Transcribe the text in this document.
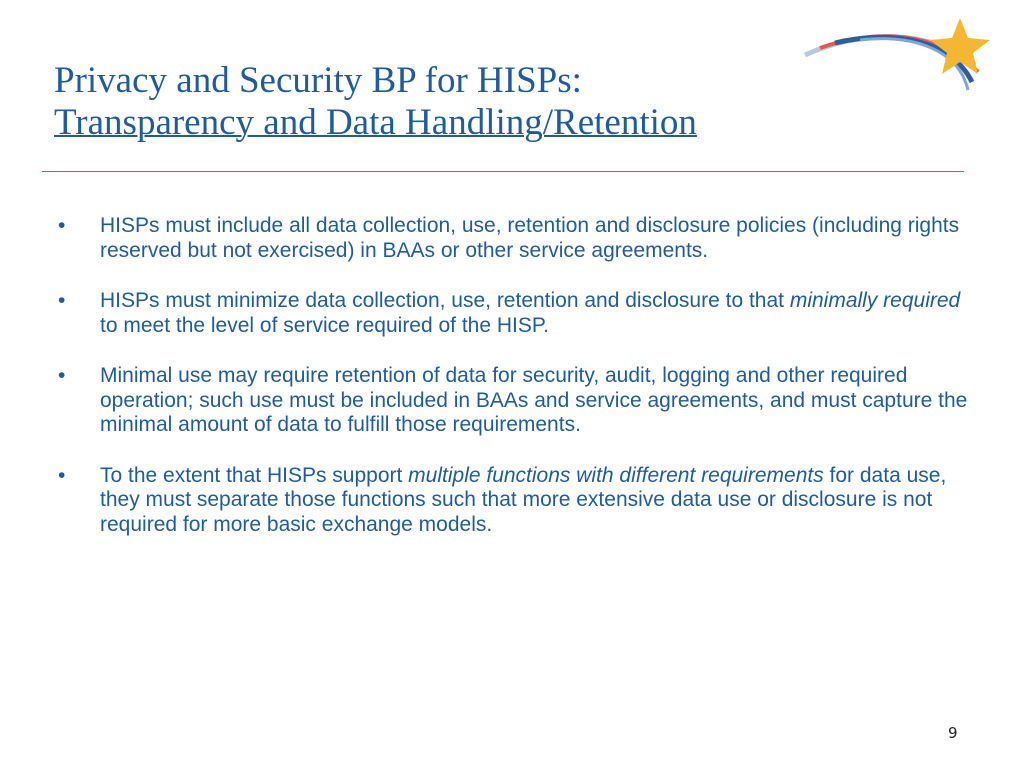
Privacy and Security BP for HISPs:
Transparency and Data Handling/Retention
• HISPs must include all data collection, use, retention and disclosure policies (including rights reserved but not exercised) in BAAs or other service agreements.
• HISPs must minimize data collection, use, retention and disclosure to that minimally required to meet the level of service required of the HISP.
• Minimal use may require retention of data for security, audit, logging and other required operation; such use must be included in BAAs and service agreements, and must capture the minimal amount of data to fulfill those requirements.
• To the extent that HISPs support multiple functions with different requirements for data use, they must separate those functions such that more extensive data use or disclosure is not required for more basic exchange models.
9
